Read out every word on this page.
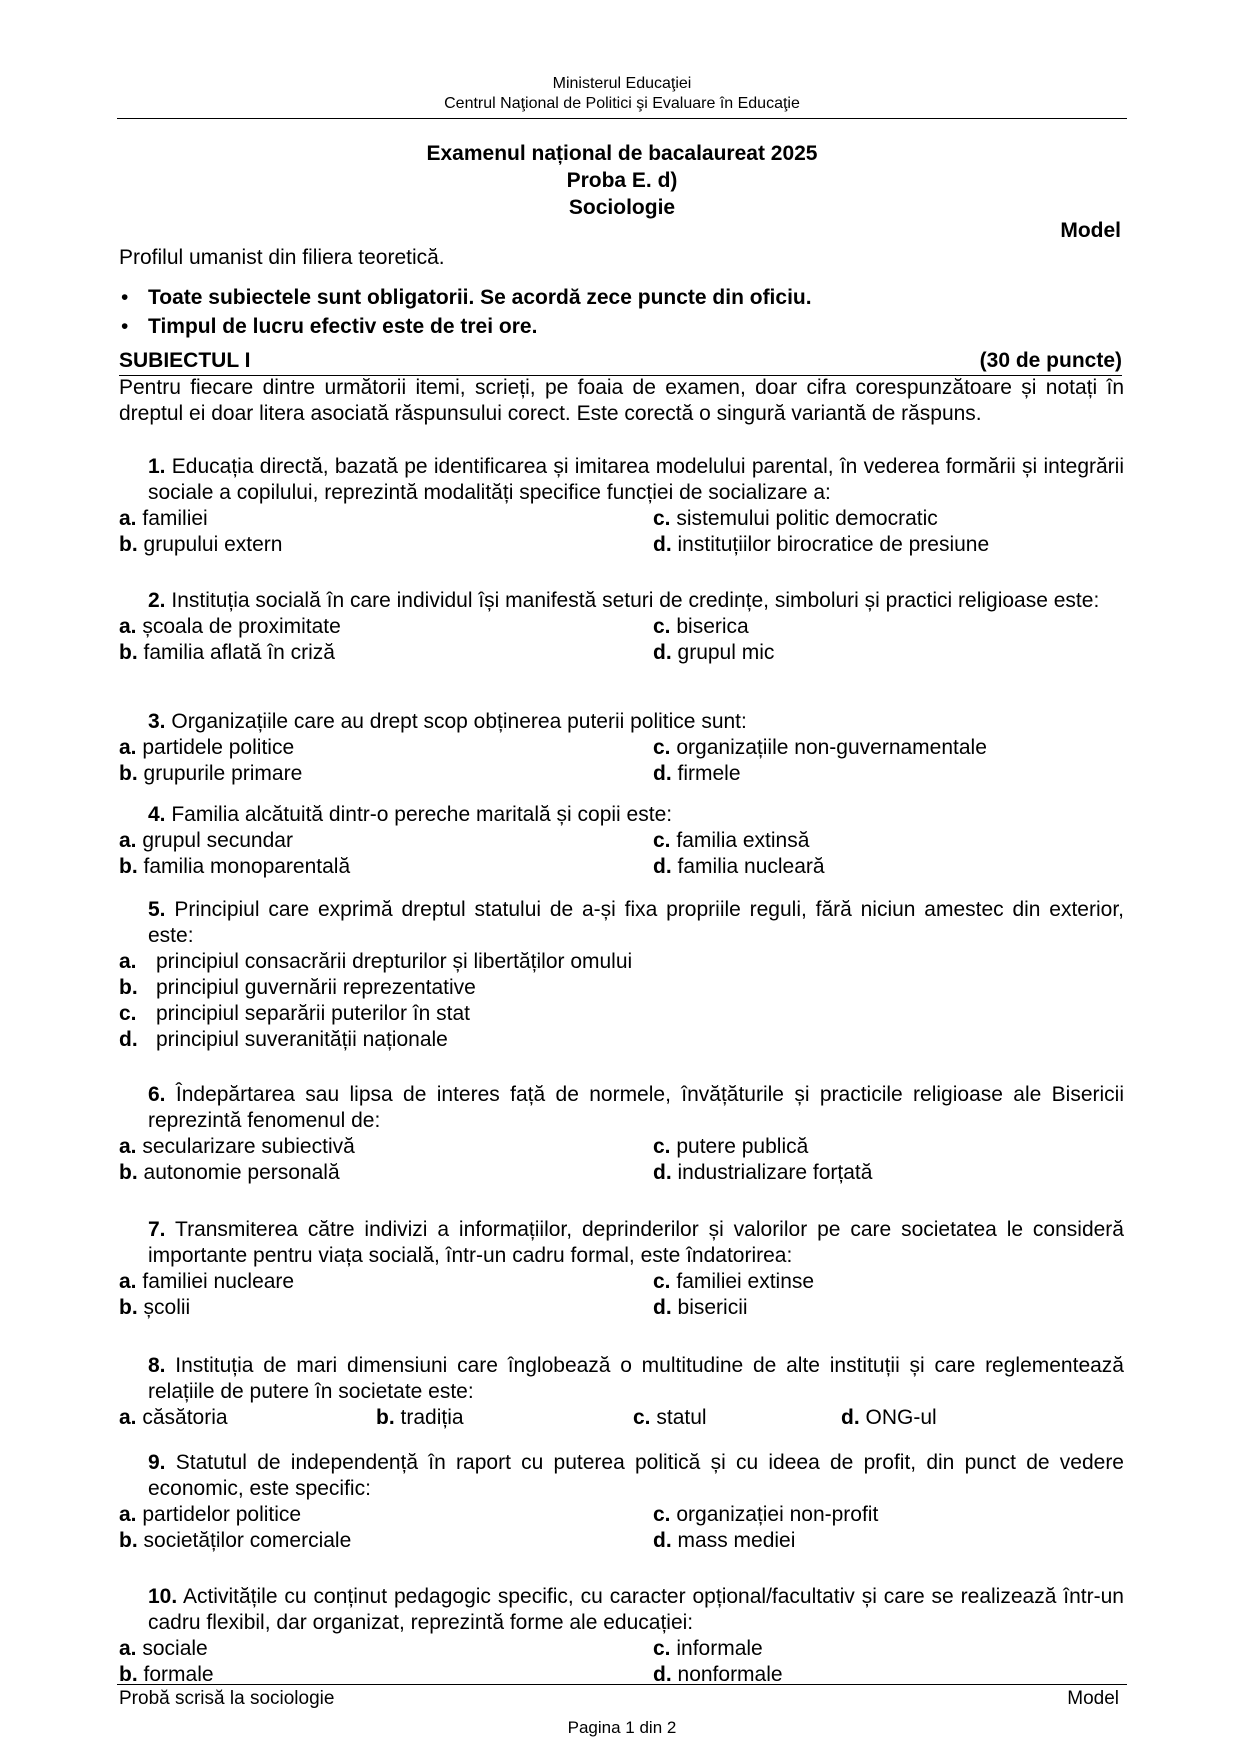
Ministerul Educaţiei
Centrul Naţional de Politici şi Evaluare în Educaţie
Examenul național de bacalaureat 2025
Proba E. d)
Sociologie
Model
Profilul umanist din filiera teoretică.
• Toate subiectele sunt obligatorii. Se acordă zece puncte din oficiu.
• Timpul de lucru efectiv este de trei ore.
SUBIECTUL I	(30 de puncte)
Pentru fiecare dintre următorii itemi, scrieți, pe foaia de examen, doar cifra corespunzătoare și notați în dreptul ei doar litera asociată răspunsului corect. Este corectă o singură variantă de răspuns.
1. Educația directă, bazată pe identificarea și imitarea modelului parental, în vederea formării și integrării sociale a copilului, reprezintă modalități specifice funcției de socializare a:
a. familiei	c. sistemului politic democratic
b. grupului extern	d. instituțiilor birocratice de presiune
2. Instituția socială în care individul își manifestă seturi de credințe, simboluri și practici religioase este:
a. școala de proximitate	c. biserica
b. familia aflată în criză	d. grupul mic
3. Organizațiile care au drept scop obținerea puterii politice sunt:
a. partidele politice	c. organizațiile non-guvernamentale
b. grupurile primare	d. firmele
4. Familia alcătuită dintr-o pereche maritală și copii este:
a. grupul secundar	c. familia extinsă
b. familia monoparentală	d. familia nucleară
5. Principiul care exprimă dreptul statului de a-și fixa propriile reguli, fără niciun amestec din exterior, este:
a. principiul consacrării drepturilor și libertăților omului
b. principiul guvernării reprezentative
c. principiul separării puterilor în stat
d. principiul suveranității naționale
6. Îndepărtarea sau lipsa de interes față de normele, învățăturile și practicile religioase ale Bisericii reprezintă fenomenul de:
a. secularizare subiectivă	c. putere publică
b. autonomie personală	d. industrializare forțată
7. Transmiterea către indivizi a informațiilor, deprinderilor și valorilor pe care societatea le consideră importante pentru viața socială, într-un cadru formal, este îndatorirea:
a. familiei nucleare	c. familiei extinse
b. școlii	d. bisericii
8. Instituția de mari dimensiuni care înglobează o multitudine de alte instituții și care reglementează relațiile de putere în societate este:
a. căsătoria	b. tradiția	c. statul	d. ONG-ul
9. Statutul de independență în raport cu puterea politică și cu ideea de profit, din punct de vedere economic, este specific:
a. partidelor politice	c. organizației non-profit
b. societăților comerciale	d. mass mediei
10. Activitățile cu conținut pedagogic specific, cu caracter opțional/facultativ și care se realizează într-un cadru flexibil, dar organizat, reprezintă forme ale educației:
a. sociale	c. informale
b. formale	d. nonformale
Probă scrisă la sociologie	Model
Pagina 1 din 2
